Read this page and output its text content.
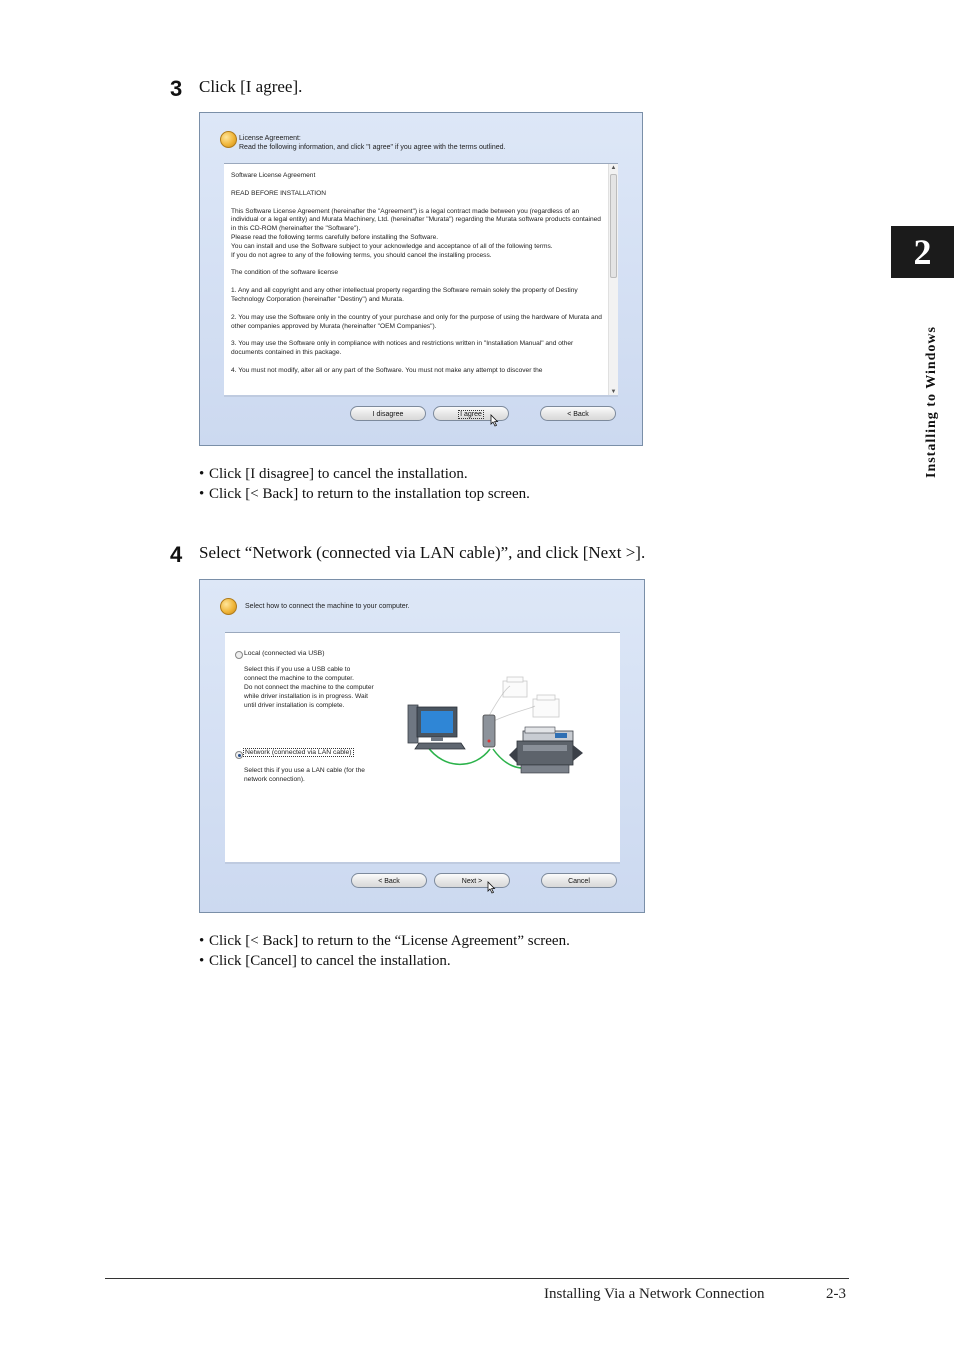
3 Click [I agree].
License Agreement:
Read the following information, and click "I agree" if you agree with the terms outlined.

Software License Agreement

READ BEFORE INSTALLATION

This Software License Agreement (hereinafter the "Agreement") is a legal contract made between you (regardless of an individual or a legal entity) and Murata Machinery, Ltd. (hereinafter "Murata") regarding the Murata software products contained in this CD-ROM (hereinafter the "Software").
Please read the following terms carefully before installing the Software.
You can install and use the Software subject to your acknowledge and acceptance of all of the following terms.
If you do not agree to any of the following terms, you should cancel the installing process.

The condition of the software license

1. Any and all copyright and any other intellectual property regarding the Software remain solely the property of Destiny Technology Corporation (hereinafter "Destiny") and Murata.

2. You may use the Software only in the country of your purchase and only for the purpose of using the hardware of Murata and other companies approved by Murata (hereinafter "OEM Companies").

3. You may use the Software only in compliance with notices and restrictions written in "Installation Manual" and other documents contained in this package.

4. You must not modify, alter all or any part of the Software. You must not make any attempt to discover the

▲
▼
I disagree	I agree	< Back
• Click [I disagree] to cancel the installation.
• Click [< Back] to return to the installation top screen.
4 Select “Network (connected via LAN cable)”, and click [Next >].
Select how to connect the machine to your computer.
Local (connected via USB)
Select this if you use a USB cable to
connect the machine to the computer.
Do not connect the machine to the computer
while driver installation is in progress. Wait
until driver installation is complete.
Network (connected via LAN cable)
Select this if you use a LAN cable (for the
network connection).
< Back	Next >	Cancel
• Click [< Back] to return to the “License Agreement” screen.
• Click [Cancel] to cancel the installation.
2
Installing to Windows
Installing Via a Network Connection	2-3
